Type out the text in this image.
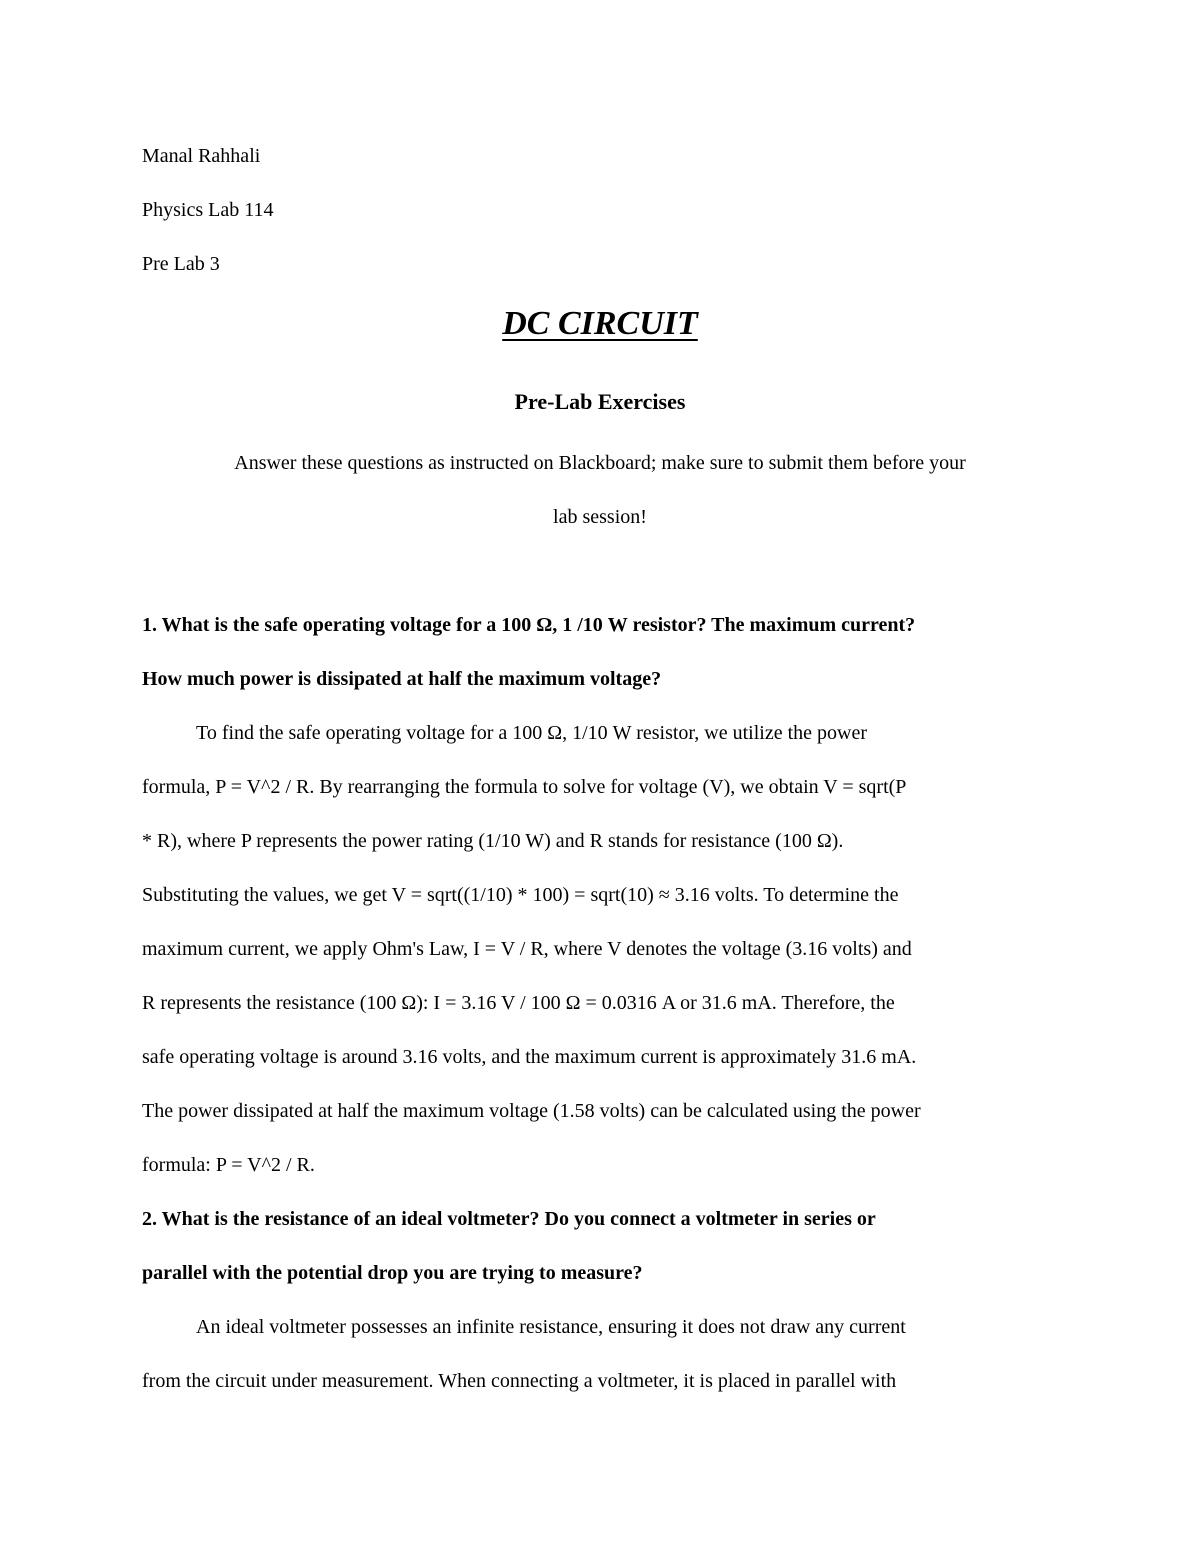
Manal Rahhali

Physics Lab 114

Pre Lab 3

DC CIRCUIT

Pre-Lab Exercises

Answer these questions as instructed on Blackboard; make sure to submit them before your

lab session!

1. What is the safe operating voltage for a 100 Ω, 1 /10 W resistor? The maximum current?

How much power is dissipated at half the maximum voltage?

To find the safe operating voltage for a 100 Ω, 1/10 W resistor, we utilize the power

formula, P = V^2 / R. By rearranging the formula to solve for voltage (V), we obtain V = sqrt(P

* R), where P represents the power rating (1/10 W) and R stands for resistance (100 Ω).

Substituting the values, we get V = sqrt((1/10) * 100) = sqrt(10) ≈ 3.16 volts. To determine the

maximum current, we apply Ohm's Law, I = V / R, where V denotes the voltage (3.16 volts) and

R represents the resistance (100 Ω): I = 3.16 V / 100 Ω = 0.0316 A or 31.6 mA. Therefore, the

safe operating voltage is around 3.16 volts, and the maximum current is approximately 31.6 mA.

The power dissipated at half the maximum voltage (1.58 volts) can be calculated using the power

formula: P = V^2 / R.

2. What is the resistance of an ideal voltmeter? Do you connect a voltmeter in series or

parallel with the potential drop you are trying to measure?

An ideal voltmeter possesses an infinite resistance, ensuring it does not draw any current

from the circuit under measurement. When connecting a voltmeter, it is placed in parallel with
